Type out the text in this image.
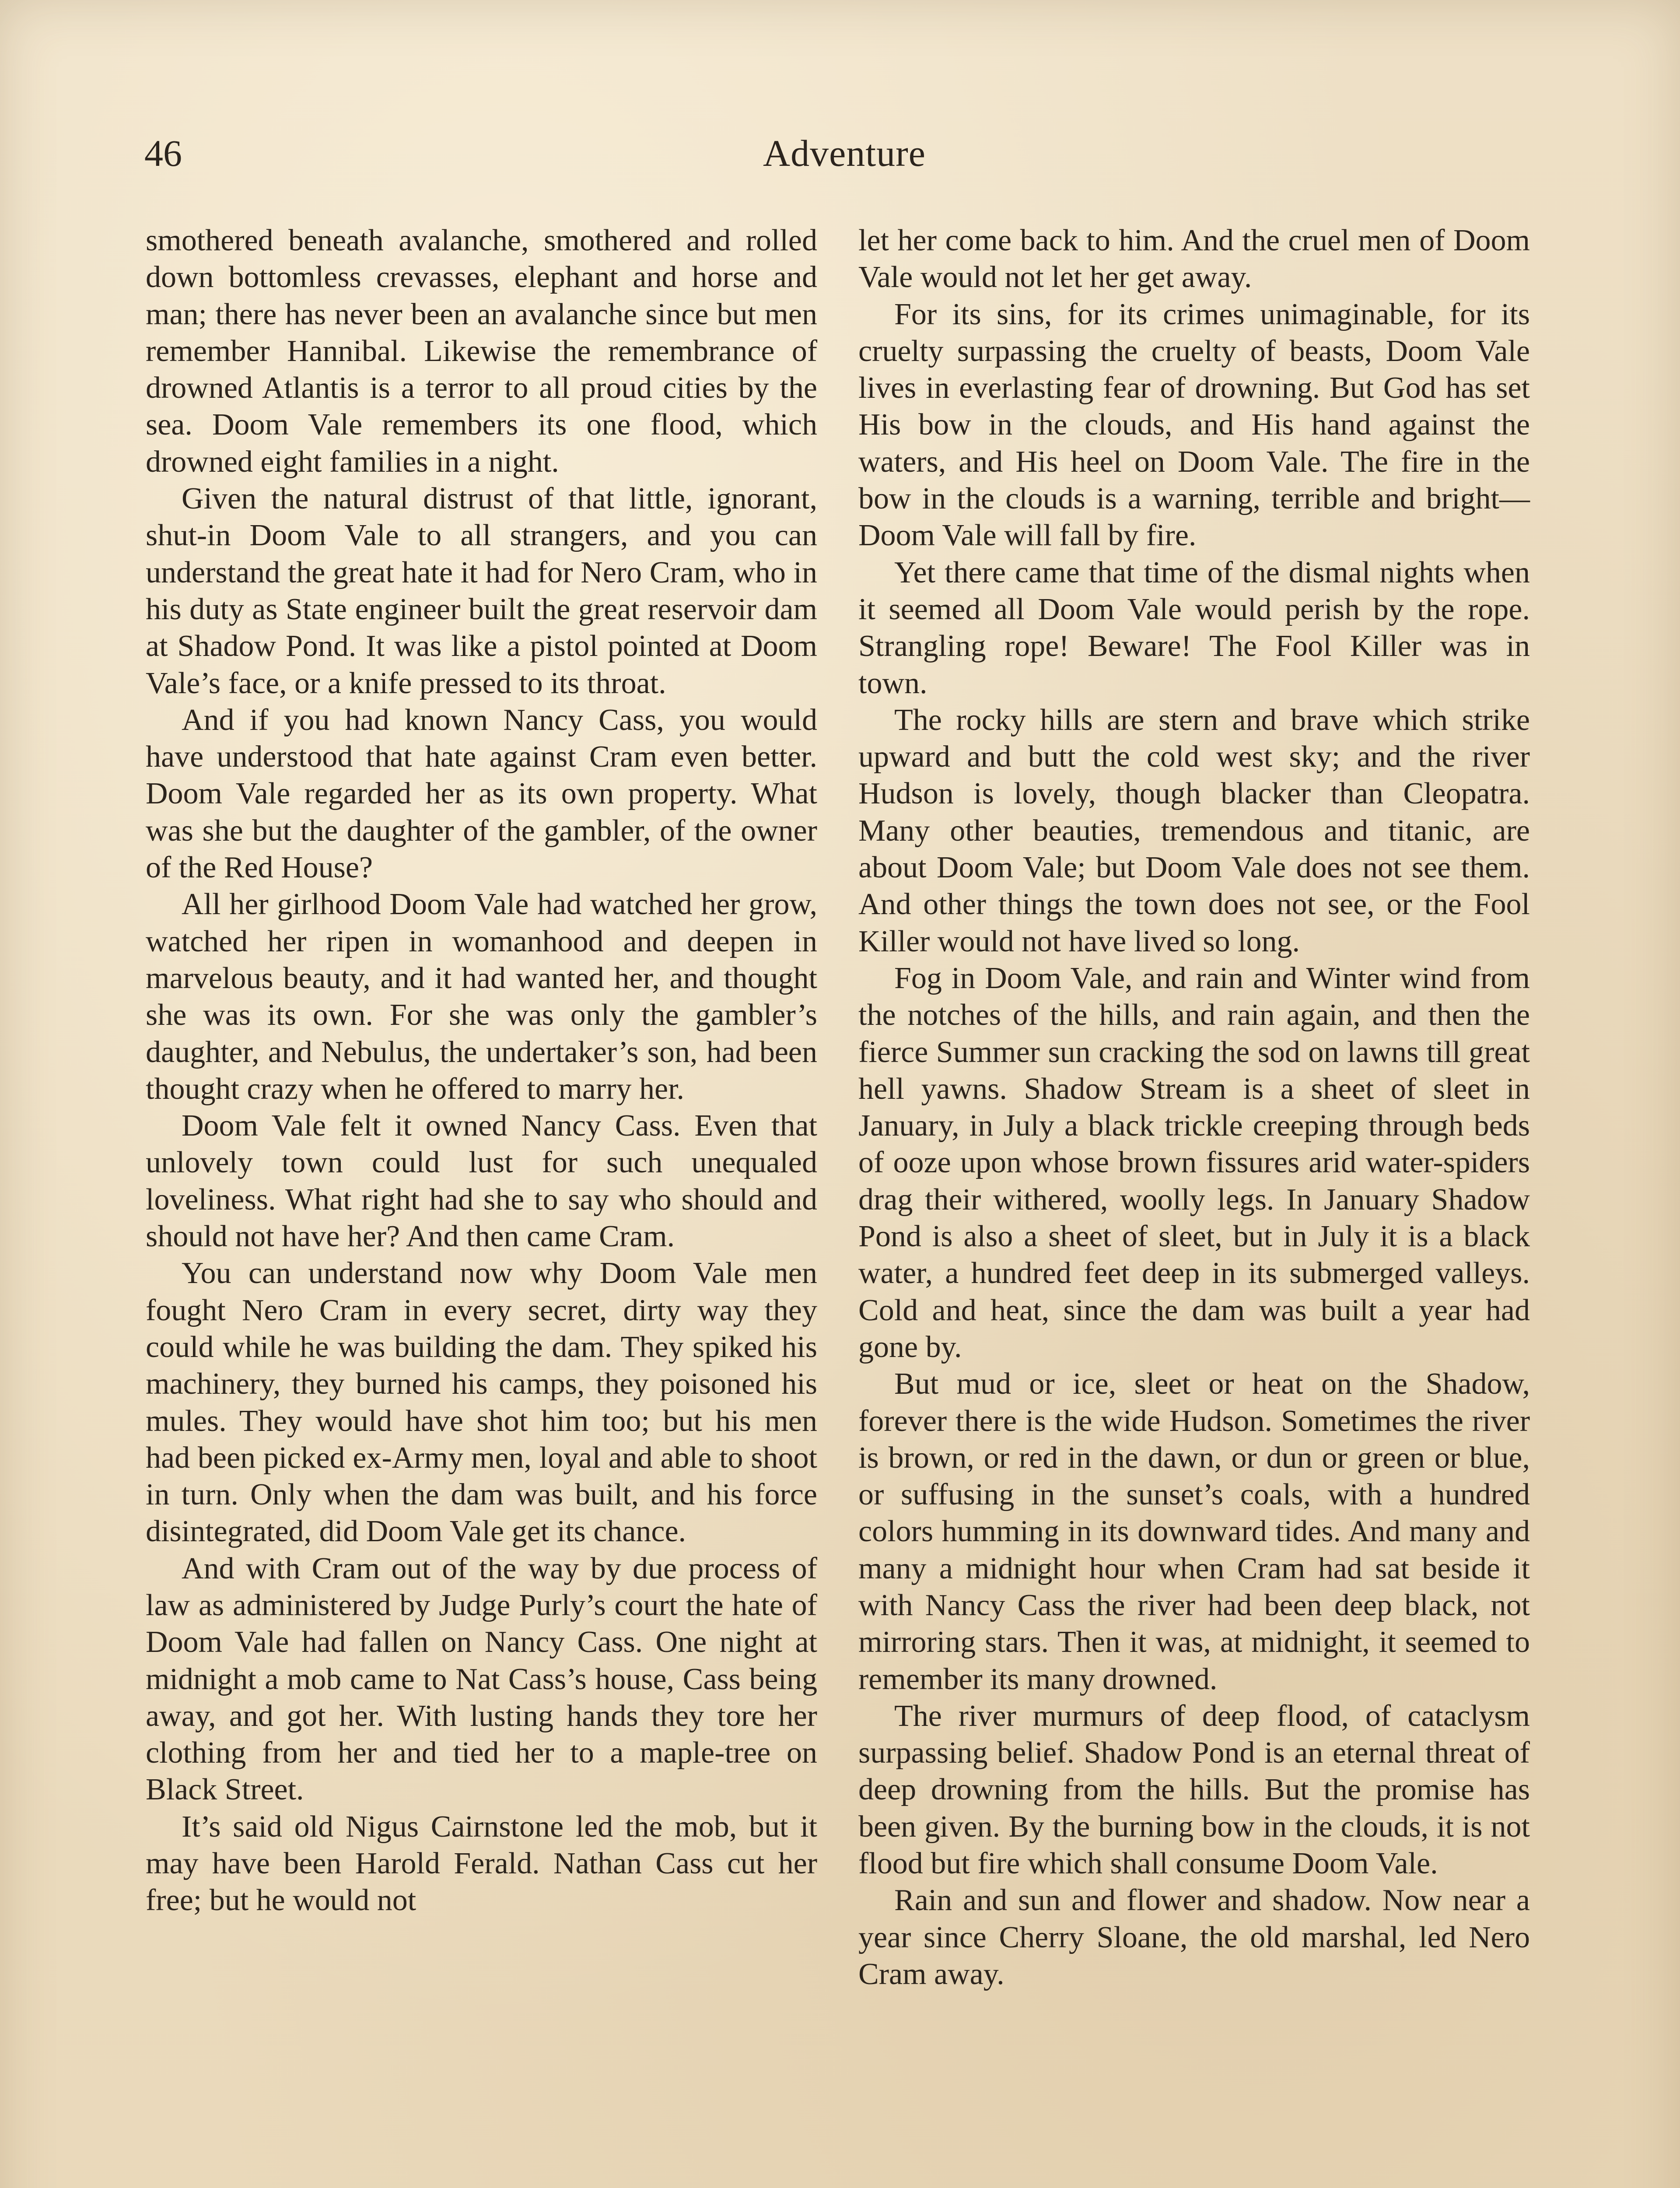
46	Adventure

smothered beneath avalanche, smothered and rolled down bottomless crevasses, elephant and horse and man; there has never been an avalanche since but men remember Hannibal. Likewise the remembrance of drowned Atlantis is a terror to all proud cities by the sea. Doom Vale remembers its one flood, which drowned eight families in a night.

Given the natural distrust of that little, ignorant, shut-in Doom Vale to all strangers, and you can understand the great hate it had for Nero Cram, who in his duty as State engineer built the great reservoir dam at Shadow Pond. It was like a pistol pointed at Doom Vale’s face, or a knife pressed to its throat.

And if you had known Nancy Cass, you would have understood that hate against Cram even better. Doom Vale regarded her as its own property. What was she but the daughter of the gambler, of the owner of the Red House?

All her girlhood Doom Vale had watched her grow, watched her ripen in womanhood and deepen in marvelous beauty, and it had wanted her, and thought she was its own. For she was only the gambler’s daughter, and Nebulus, the undertaker’s son, had been thought crazy when he offered to marry her.

Doom Vale felt it owned Nancy Cass. Even that unlovely town could lust for such unequaled loveliness. What right had she to say who should and should not have her? And then came Cram.

You can understand now why Doom Vale men fought Nero Cram in every secret, dirty way they could while he was building the dam. They spiked his machinery, they burned his camps, they poisoned his mules. They would have shot him too; but his men had been picked ex-Army men, loyal and able to shoot in turn. Only when the dam was built, and his force disintegrated, did Doom Vale get its chance.

And with Cram out of the way by due process of law as administered by Judge Purly’s court the hate of Doom Vale had fallen on Nancy Cass. One night at midnight a mob came to Nat Cass’s house, Cass being away, and got her. With lusting hands they tore her clothing from her and tied her to a maple-tree on Black Street.

It’s said old Nigus Cairnstone led the mob, but it may have been Harold Ferald. Nathan Cass cut her free; but he would not

let her come back to him. And the cruel men of Doom Vale would not let her get away.

For its sins, for its crimes unimaginable, for its cruelty surpassing the cruelty of beasts, Doom Vale lives in everlasting fear of drowning. But God has set His bow in the clouds, and His hand against the waters, and His heel on Doom Vale. The fire in the bow in the clouds is a warning, terrible and bright—Doom Vale will fall by fire.

Yet there came that time of the dismal nights when it seemed all Doom Vale would perish by the rope. Strangling rope! Beware! The Fool Killer was in town.

The rocky hills are stern and brave which strike upward and butt the cold west sky; and the river Hudson is lovely, though blacker than Cleopatra. Many other beauties, tremendous and titanic, are about Doom Vale; but Doom Vale does not see them. And other things the town does not see, or the Fool Killer would not have lived so long.

Fog in Doom Vale, and rain and Winter wind from the notches of the hills, and rain again, and then the fierce Summer sun cracking the sod on lawns till great hell yawns. Shadow Stream is a sheet of sleet in January, in July a black trickle creeping through beds of ooze upon whose brown fissures arid water-spiders drag their withered, woolly legs. In January Shadow Pond is also a sheet of sleet, but in July it is a black water, a hundred feet deep in its submerged valleys. Cold and heat, since the dam was built a year had gone by.

But mud or ice, sleet or heat on the Shadow, forever there is the wide Hudson. Sometimes the river is brown, or red in the dawn, or dun or green or blue, or suffusing in the sunset’s coals, with a hundred colors humming in its downward tides. And many and many a midnight hour when Cram had sat beside it with Nancy Cass the river had been deep black, not mirroring stars. Then it was, at midnight, it seemed to remember its many drowned.

The river murmurs of deep flood, of cataclysm surpassing belief. Shadow Pond is an eternal threat of deep drowning from the hills. But the promise has been given. By the burning bow in the clouds, it is not flood but fire which shall consume Doom Vale.

Rain and sun and flower and shadow. Now near a year since Cherry Sloane, the old marshal, led Nero Cram away.
